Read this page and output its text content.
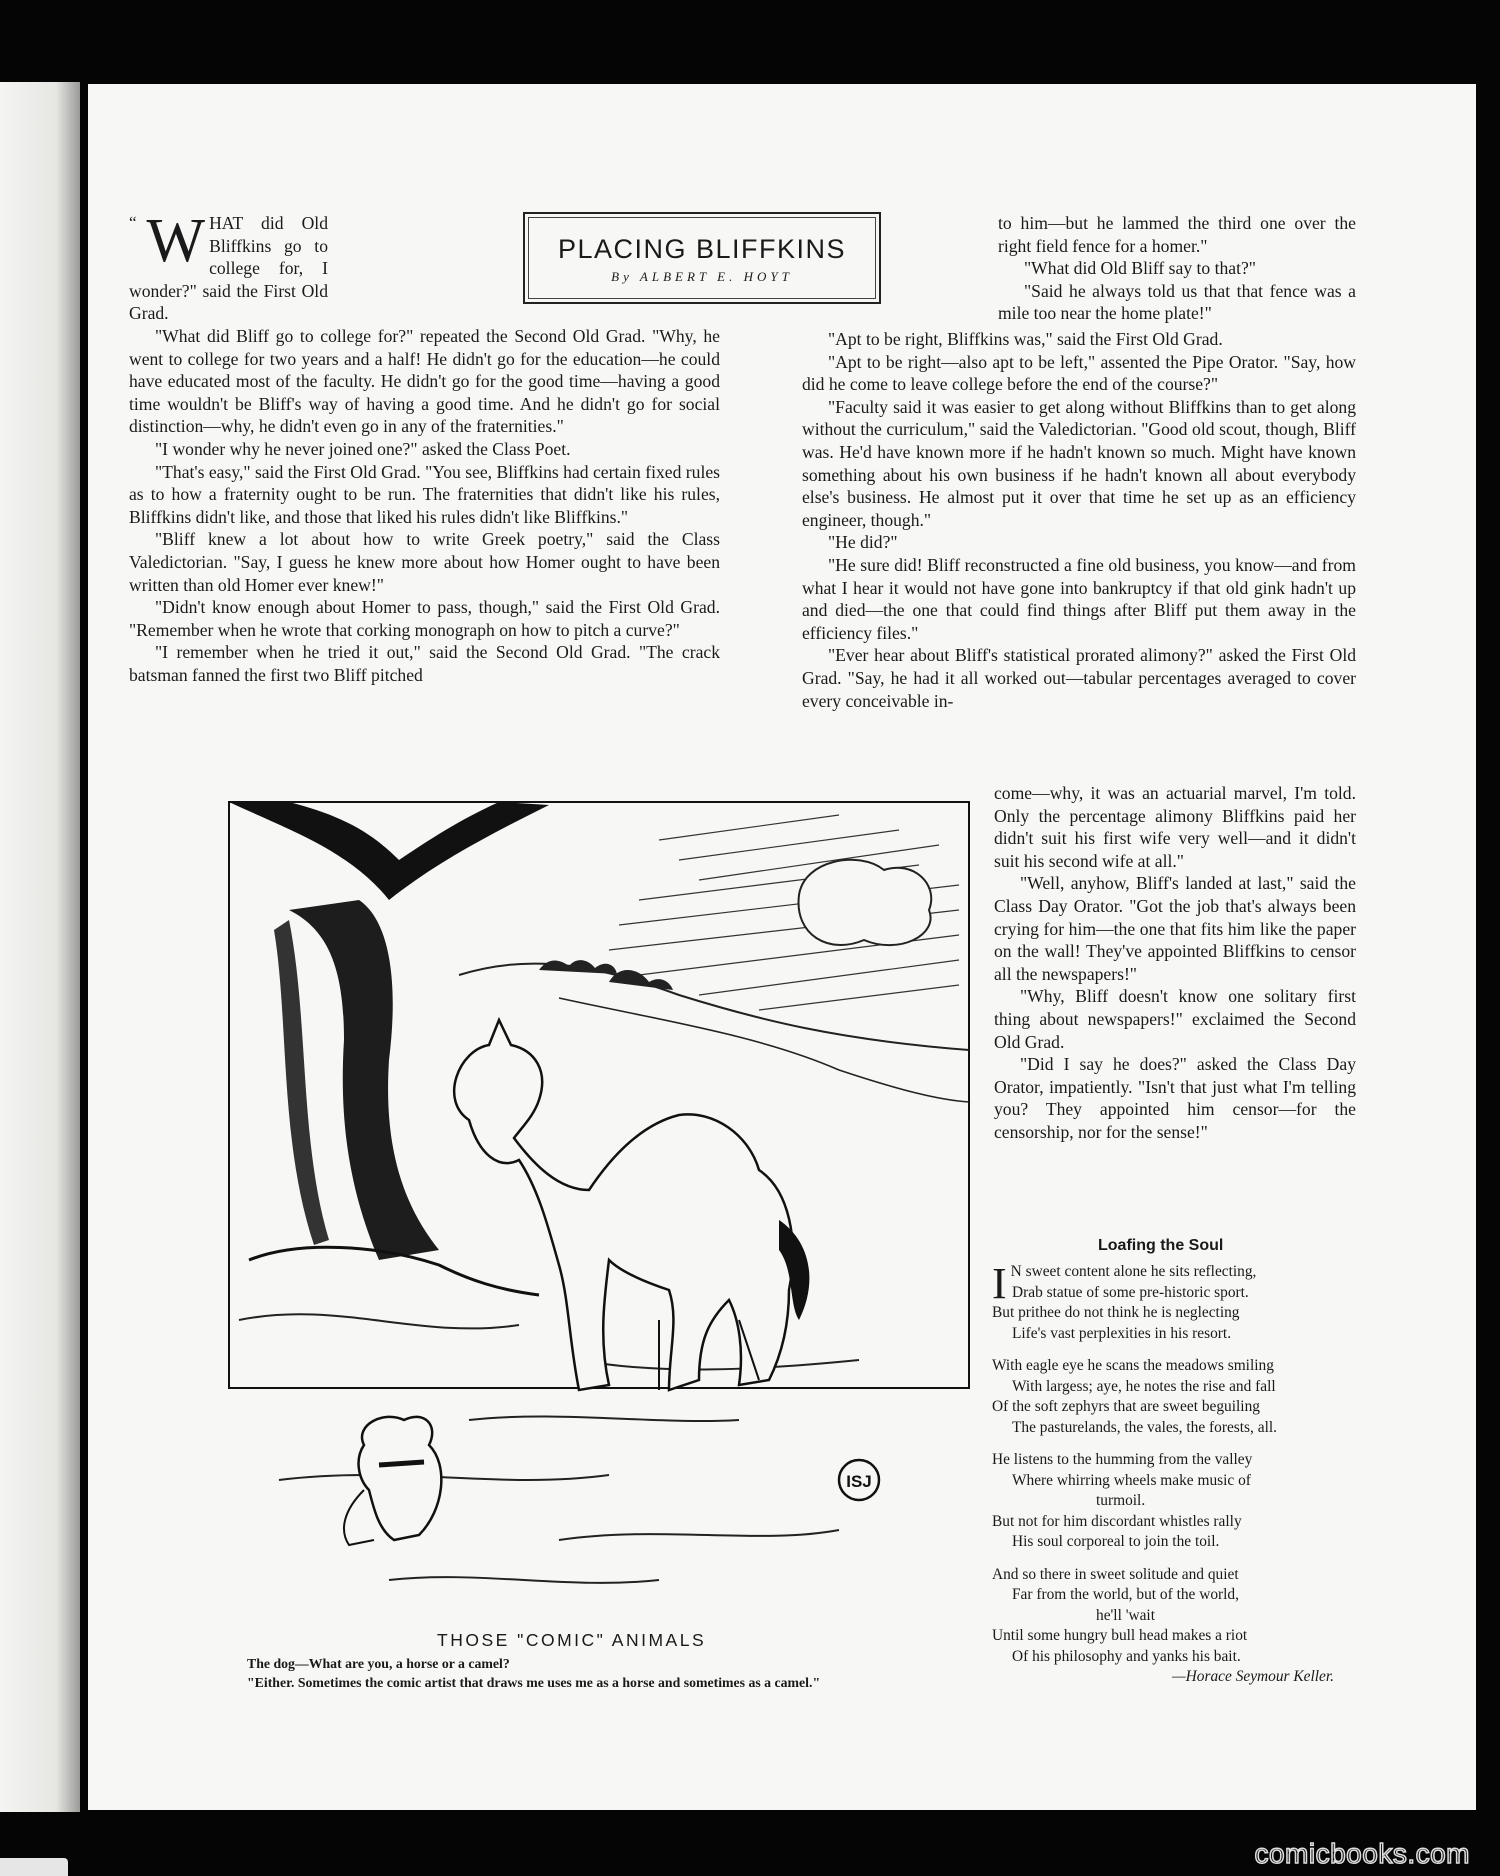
PLACING BLIFFKINS
By ALBERT E. HOYT

“ W HAT did Old Bliffkins go to college for, I wonder?" said the First Old Grad.

"What did Bliff go to college for?" repeated the Second Old Grad. "Why, he went to college for two years and a half! He didn't go for the education—he could have educated most of the faculty. He didn't go for the good time—having a good time wouldn't be Bliff's way of having a good time. And he didn't go for social distinction—why, he didn't even go in any of the fraternities."

"I wonder why he never joined one?" asked the Class Poet.

"That's easy," said the First Old Grad. "You see, Bliffkins had certain fixed rules as to how a fraternity ought to be run. The fraternities that didn't like his rules, Bliffkins didn't like, and those that liked his rules didn't like Bliffkins."

"Bliff knew a lot about how to write Greek poetry," said the Class Valedictorian. "Say, I guess he knew more about how Homer ought to have been written than old Homer ever knew!"

"Didn't know enough about Homer to pass, though," said the First Old Grad. "Remember when he wrote that corking monograph on how to pitch a curve?"

"I remember when he tried it out," said the Second Old Grad. "The crack batsman fanned the first two Bliff pitched

to him—but he lammed the third one over the right field fence for a homer."

"What did Old Bliff say to that?"

"Said he always told us that that fence was a mile too near the home plate!"

"Apt to be right, Bliffkins was," said the First Old Grad.

"Apt to be right—also apt to be left," assented the Pipe Orator. "Say, how did he come to leave college before the end of the course?"

"Faculty said it was easier to get along without Bliffkins than to get along without the curriculum," said the Valedictorian. "Good old scout, though, Bliff was. He'd have known more if he hadn't known so much. Might have known something about his own business if he hadn't known all about everybody else's business. He almost put it over that time he set up as an efficiency engineer, though."

"He did?"

"He sure did! Bliff reconstructed a fine old business, you know—and from what I hear it would not have gone into bankruptcy if that old gink hadn't up and died—the one that could find things after Bliff put them away in the efficiency files."

"Ever hear about Bliff's statistical prorated alimony?" asked the First Old Grad. "Say, he had it all worked out—tabular percentages averaged to cover every conceivable in-

come—why, it was an actuarial marvel, I'm told. Only the percentage alimony Bliffkins paid her didn't suit his first wife very well—and it didn't suit his second wife at all."

"Well, anyhow, Bliff's landed at last," said the Class Day Orator. "Got the job that's always been crying for him—the one that fits him like the paper on the wall! They've appointed Bliffkins to censor all the newspapers!"

"Why, Bliff doesn't know one solitary first thing about newspapers!" exclaimed the Second Old Grad.

"Did I say he does?" asked the Class Day Orator, impatiently. "Isn't that just what I'm telling you? They appointed him censor—for the censorship, nor for the sense!"

ISJ
THOSE "COMIC" ANIMALS
The dog—What are you, a horse or a camel?
"Either. Sometimes the comic artist that draws me uses me as a horse and sometimes as a camel."
Loafing the Soul
I N sweet content alone he sits reflecting,
Drab statue of some pre-historic sport.
But prithee do not think he is neglecting
Life's vast perplexities in his resort.
With eagle eye he scans the meadows smiling
With largess; aye, he notes the rise and fall
Of the soft zephyrs that are sweet beguiling
The pasturelands, the vales, the forests, all.
He listens to the humming from the valley
Where whirring wheels make music of
turmoil.
But not for him discordant whistles rally
His soul corporeal to join the toil.
And so there in sweet solitude and quiet
Far from the world, but of the world,
he'll 'wait
Until some hungry bull head makes a riot
Of his philosophy and yanks his bait.
—Horace Seymour Keller.
comicbooks.com
